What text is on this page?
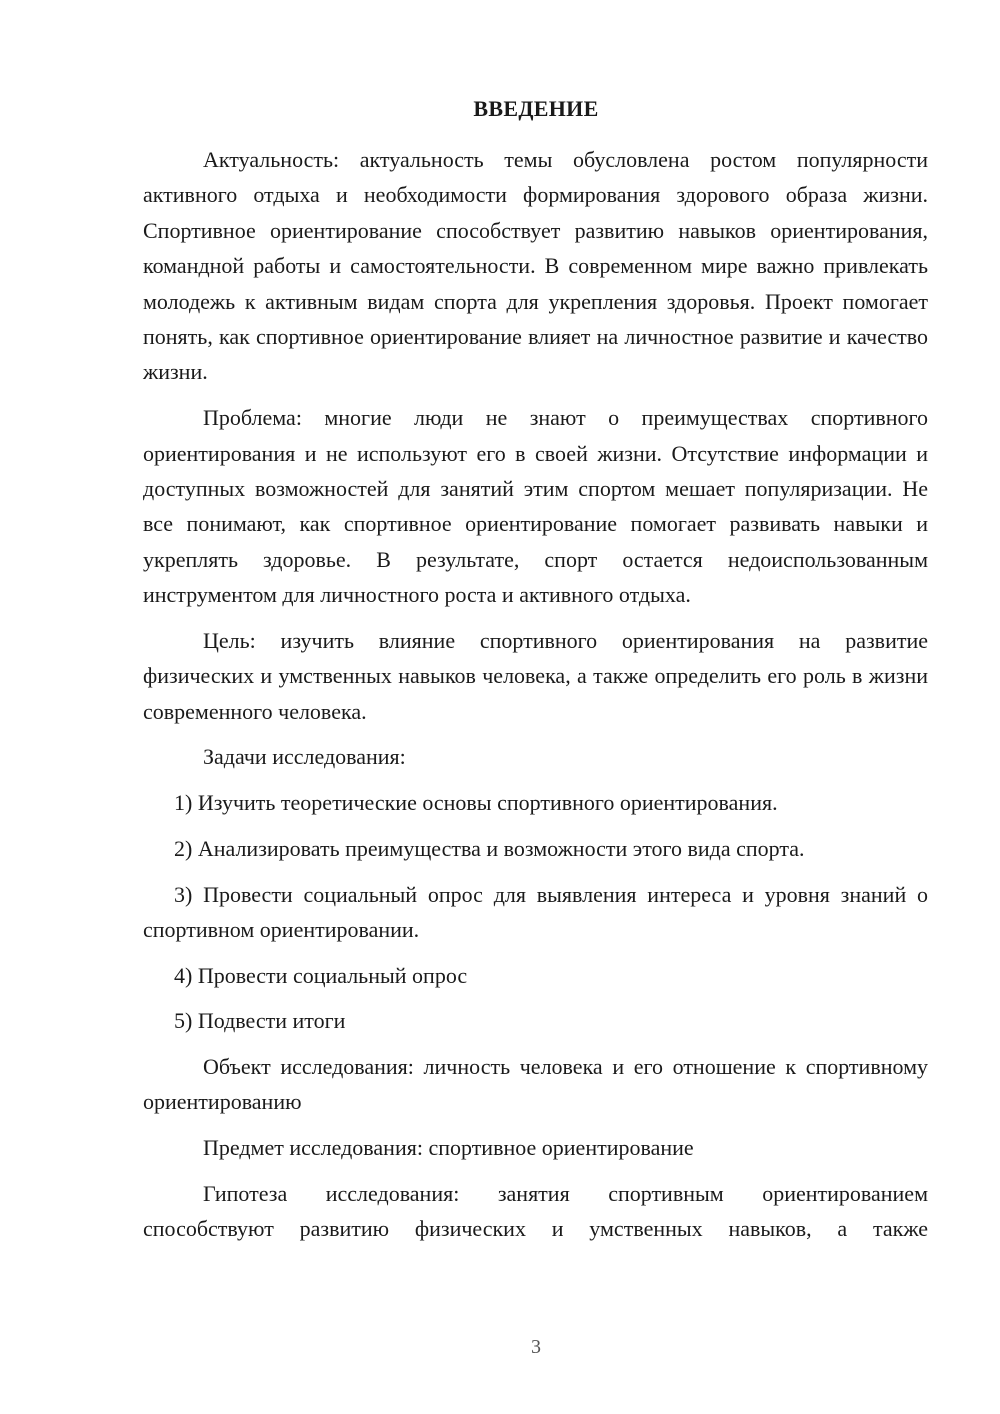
ВВЕДЕНИЕ

Актуальность: актуальность темы обусловлена ростом популярности активного отдыха и необходимости формирования здорового образа жизни. Спортивное ориентирование способствует развитию навыков ориентирования, командной работы и самостоятельности. В современном мире важно привлекать молодежь к активным видам спорта для укрепления здоровья. Проект помогает понять, как спортивное ориентирование влияет на личностное развитие и качество жизни.

Проблема: многие люди не знают о преимуществах спортивного ориентирования и не используют его в своей жизни. Отсутствие информации и доступных возможностей для занятий этим спортом мешает популяризации. Не все понимают, как спортивное ориентирование помогает развивать навыки и укреплять здоровье. В результате, спорт остается недоиспользованным инструментом для личностного роста и активного отдыха.

Цель: изучить влияние спортивного ориентирования на развитие физических и умственных навыков человека, а также определить его роль в жизни современного человека.

Задачи исследования:

1) Изучить теоретические основы спортивного ориентирования.

2) Анализировать преимущества и возможности этого вида спорта.

3) Провести социальный опрос для выявления интереса и уровня знаний о спортивном ориентировании.

4) Провести социальный опрос

5) Подвести итоги

Объект исследования: личность человека и его отношение к спортивному ориентированию

Предмет исследования: спортивное ориентирование

Гипотеза исследования: занятия спортивным ориентированием способствуют развитию физических и умственных навыков, а также

3
